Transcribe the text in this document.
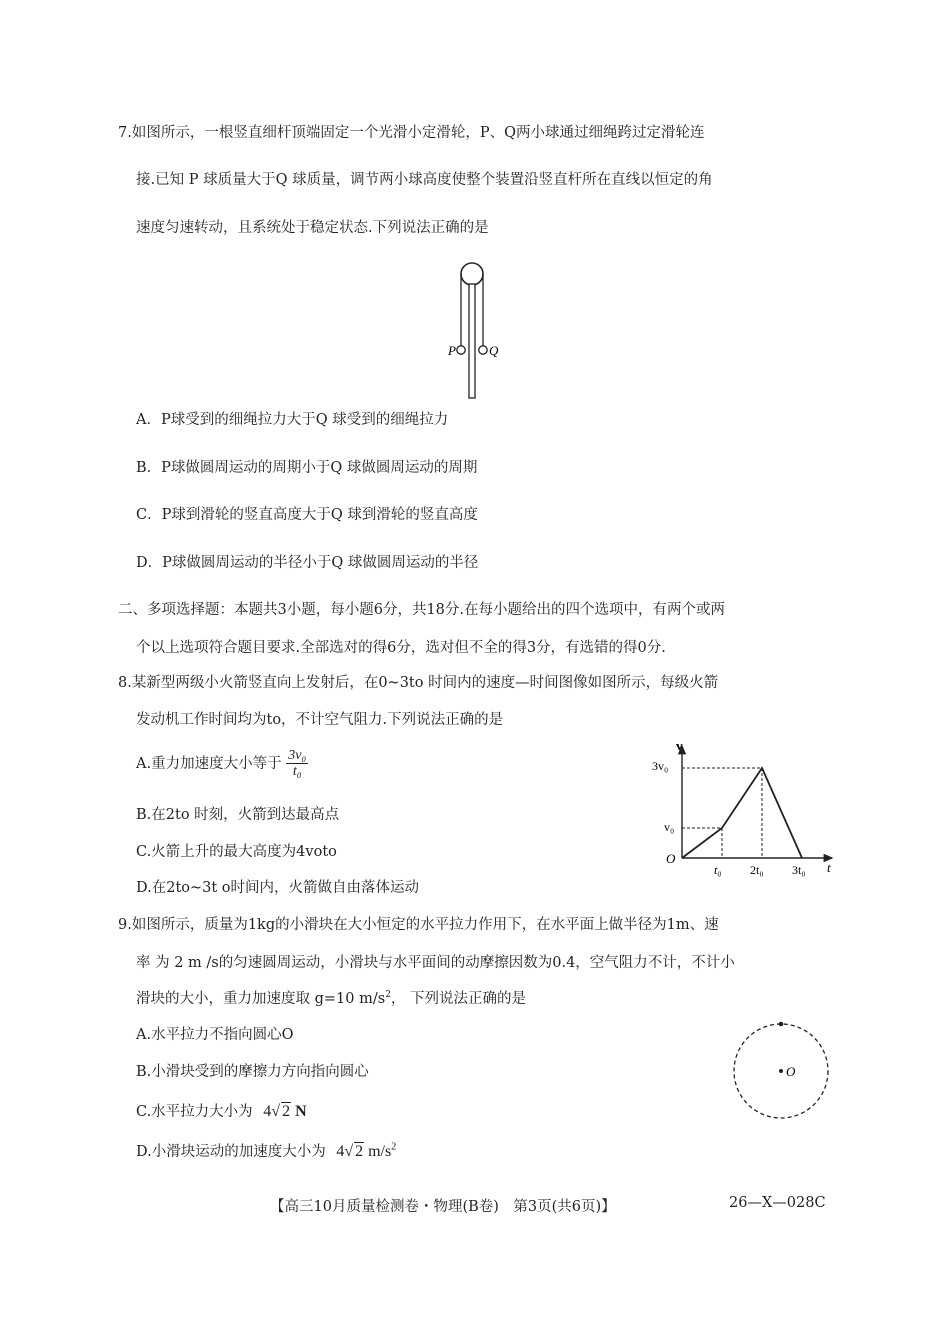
7.如图所示，一根竖直细杆顶端固定一个光滑小定滑轮，P、Q两小球通过细绳跨过定滑轮连
接.已知 P 球质量大于Q 球质量，调节两小球高度使整个装置沿竖直杆所在直线以恒定的角
速度匀速转动，且系统处于稳定状态.下列说法正确的是
P	Q
A．P球受到的细绳拉力大于Q 球受到的细绳拉力
B．P球做圆周运动的周期小于Q 球做圆周运动的周期
C．P球到滑轮的竖直高度大于Q 球到滑轮的竖直高度
D．P球做圆周运动的半径小于Q 球做圆周运动的半径
二、多项选择题：本题共3小题，每小题6分，共18分.在每小题给出的四个选项中，有两个或两
个以上选项符合题目要求.全部选对的得6分，选对但不全的得3分，有选错的得0分.
8.某新型两级小火箭竖直向上发射后，在0~3to 时间内的速度—时间图像如图所示，每级火箭
发动机工作时间均为to，不计空气阻力.下列说法正确的是
A.重力加速度大小等于 $\frac{\text{3v₀}}{\text{t₀}}$
B.在2to 时刻，火箭到达最高点
C.火箭上升的最大高度为4voto
D.在2to~3t o时间内，火箭做自由落体运动
v
t
O
3v₀
v₀
t₀ 2t₀ 3t₀
9.如图所示，质量为1kg的小滑块在大小恒定的水平拉力作用下，在水平面上做半径为1m、速
率 为 2 m /s的匀速圆周运动，小滑块与水平面间的动摩擦因数为0.4，空气阻力不计，不计小
滑块的大小，重力加速度取 g=10 $m/s^2$， 下列说法正确的是
A.水平拉力不指向圆心O
B.小滑块受到的摩擦力方向指向圆心
C.水平拉力大小为 4√ 2 N
D.小滑块运动的加速度大小为 4√ 2 $m/s^2$
O
【高三10月质量检测卷・物理(B卷)　第3页(共6页)】	26—X—028C
